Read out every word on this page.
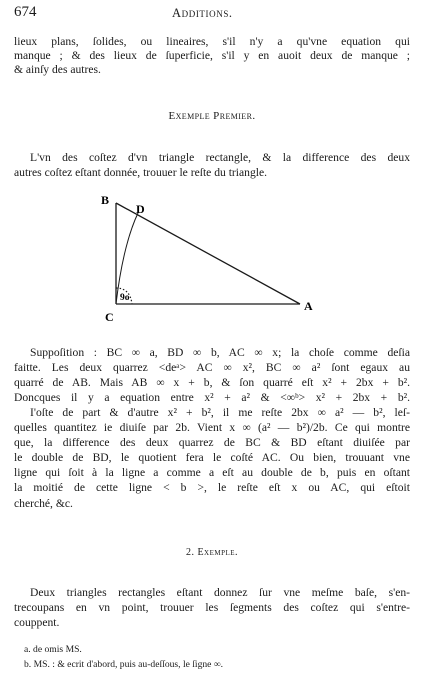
674	Additions.
lieux plans, ſolides, ou lineaires, s'il n'y a qu'vne equation qui
manque ; & des lieux de ſuperficie, s'il y en auoit deux de manque ;
& ainſy des autres.
Exemple Premier.
L'vn des coſtez d'vn triangle rectangle, & la difference des deux
autres coſtez eſtant donnée, trouuer le reſte du triangle.
B
D
C
A
9o
Suppoſition : BC ∞ a, BD ∞ b, AC ∞ x; la choſe comme deſia
faitte. Les deux quarrez <deᵃ> AC ∞ x², BC ∞ a² ſont egaux au
quarré de AB. Mais AB ∞ x + b, & ſon quarré eſt x² + 2bx + b².
Doncques il y a equation entre x² + a² & <∞ᵇ> x² + 2bx + b².
I'oſte de part & d'autre x² + b², il me reſte 2bx ∞ a² — b², leſ-
quelles quantitez ie diuiſe par 2b. Vient x ∞ (a² — b²)/2b. Ce qui montre
que, la difference des deux quarrez de BC & BD eſtant diuiſée par
le double de BD, le quotient fera le coſté AC. Ou bien, trouuant vne
ligne qui ſoit à la ligne a comme a eſt au double de b, puis en oſtant
la moitié de cette ligne < b >, le reſte eſt x ou AC, qui eſtoit
cherché, &c.
2. Exemple.
Deux triangles rectangles eſtant donnez ſur vne meſme baſe, s'en-
trecoupans en vn point, trouuer les ſegments des coſtez qui s'entre-
couppent.
a. de omis MS.
b. MS. : & ecrit d'abord, puis au-deſſous, le ſigne ∞.
